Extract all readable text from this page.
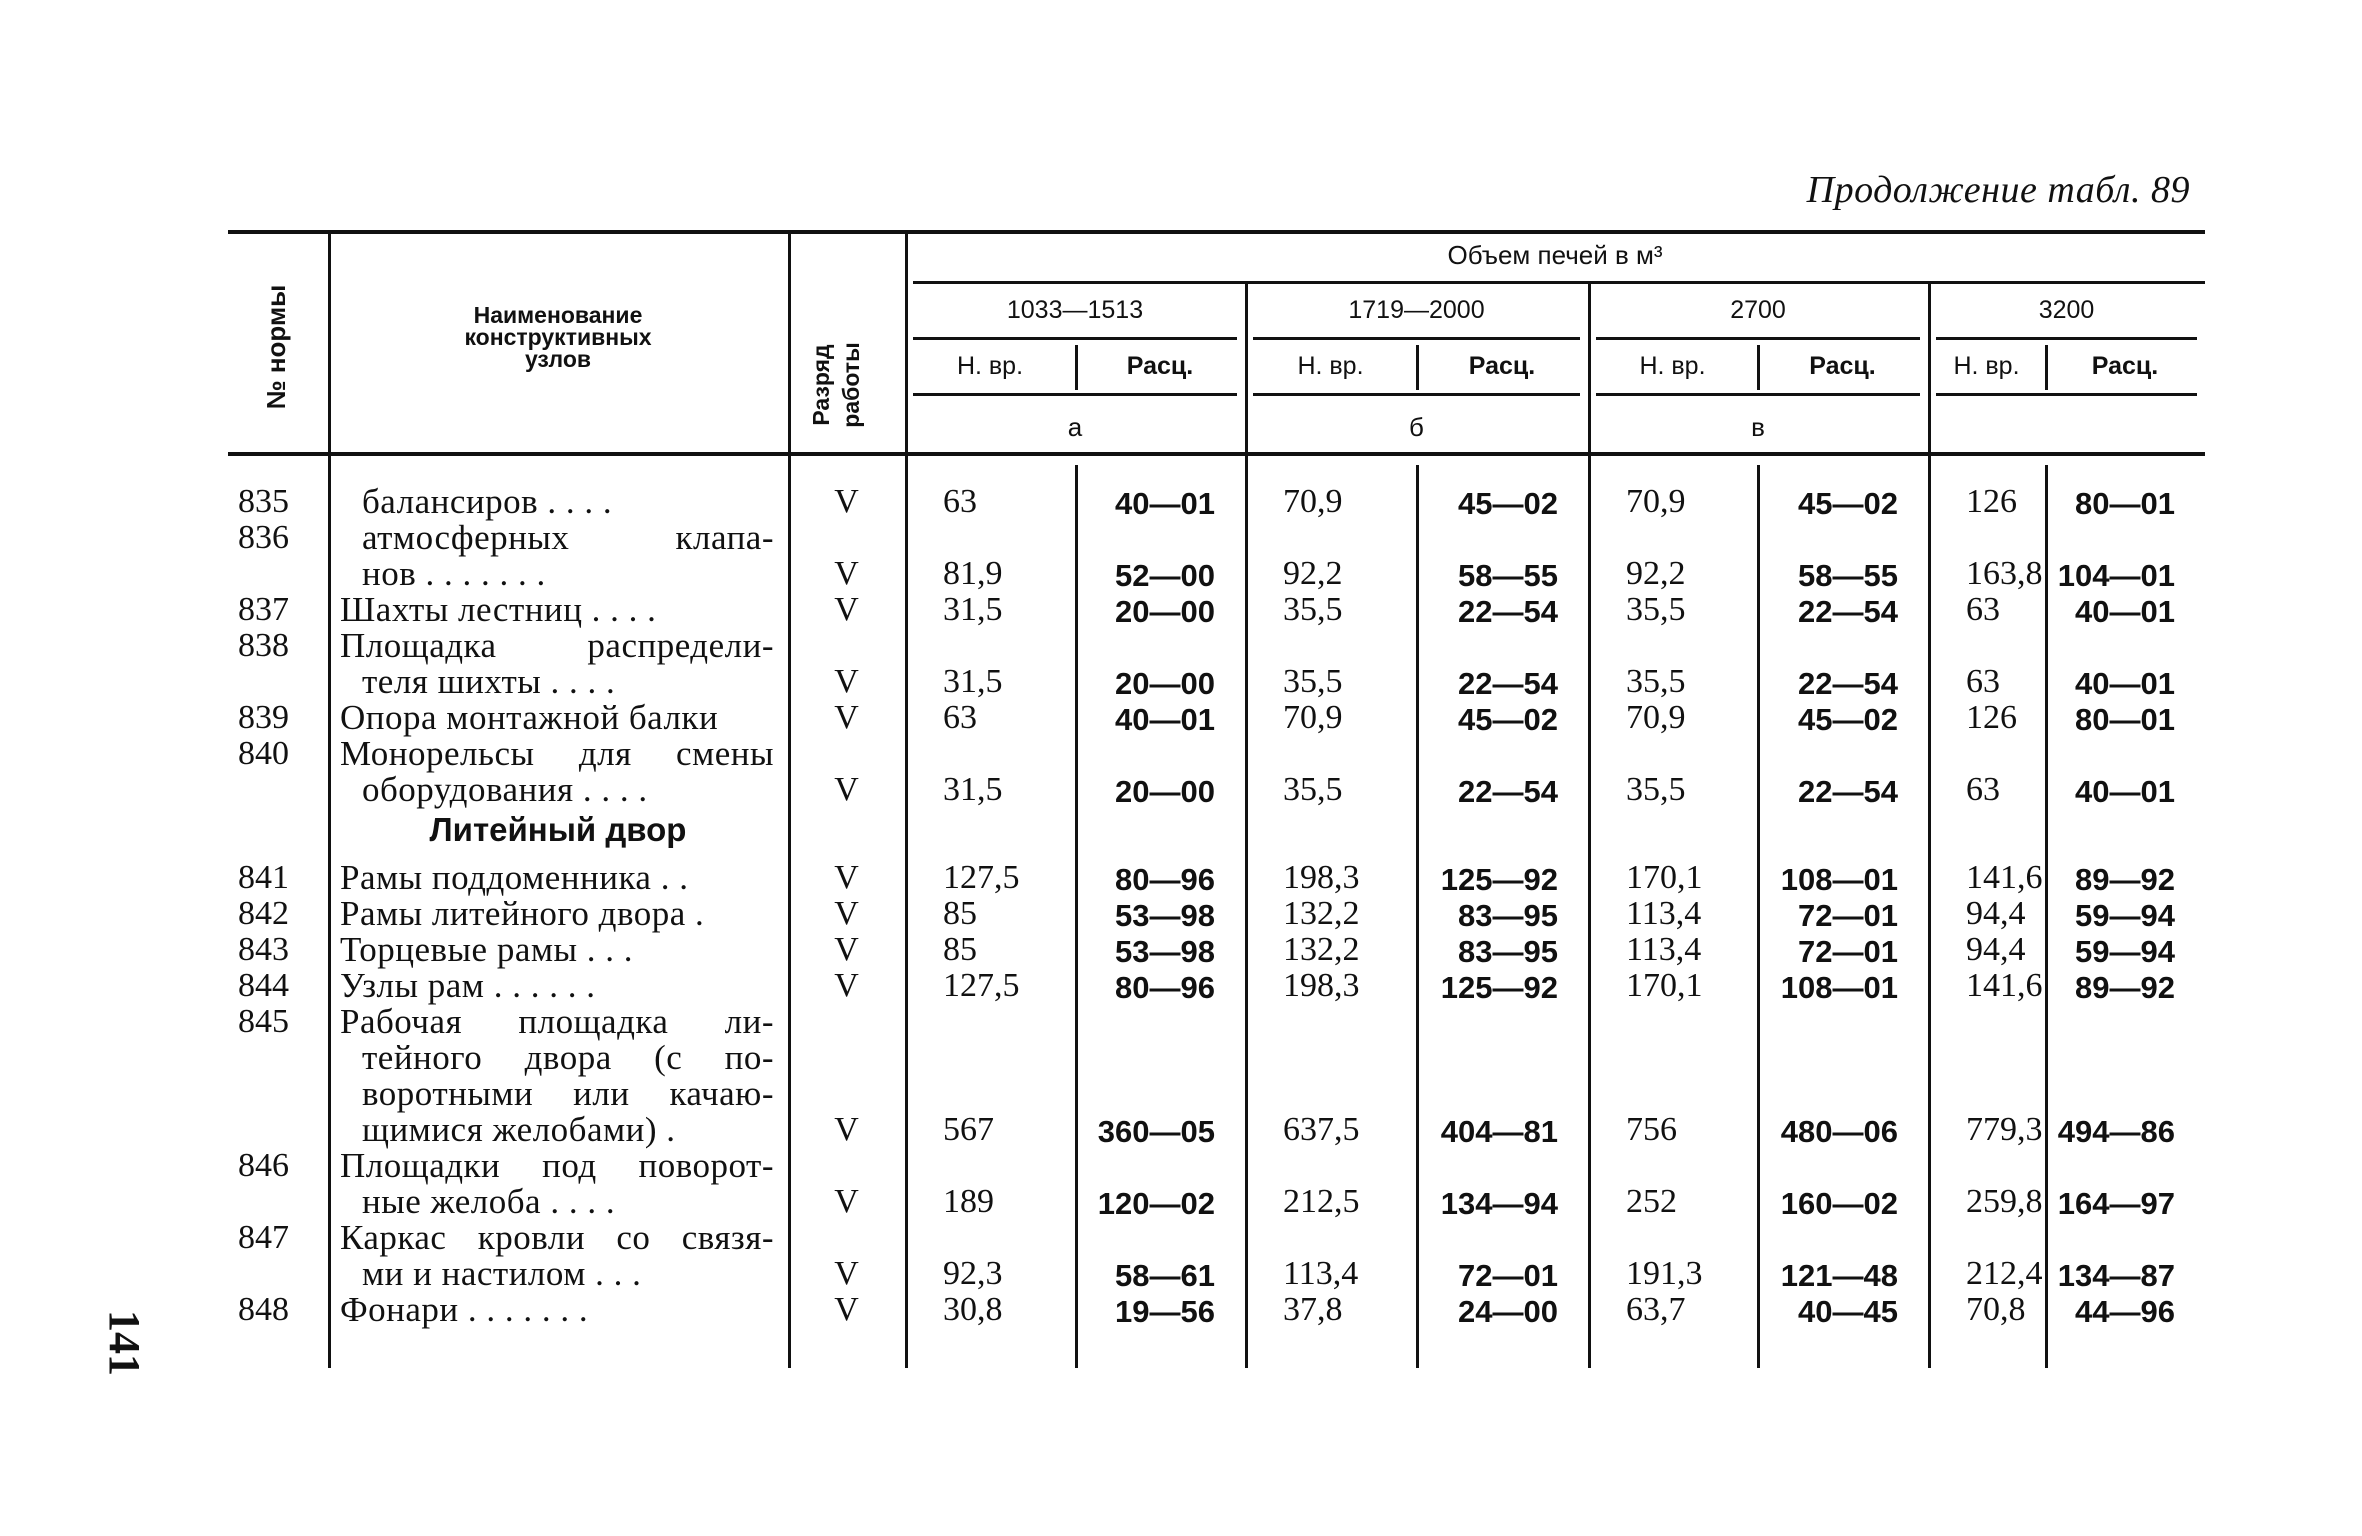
Продолжение табл. 89
141
№ нормы	Наименование
конструктивных
узлов	Разряд работы
Объем печей в м³
1033—1513
Н. вр.	Расц.
а
1719—2000
Н. вр.	Расц.
б
2700
Н. вр.	Расц.
в
3200
Н. вр.	Расц.
835 балансиров . . . .	V	63	40—01 70,9	45—02 70,9	45—02 126	80—01
836 атмосферных клапа-
нов . . . . . . .	V	81,9	52—00 92,2	58—55 92,2	58—55 163,8 104—01
837 Шахты лестниц . . . .	V	31,5	20—00 35,5	22—54 35,5	22—54 63	40—01
838 Площадка распредели-
теля шихты . . . .	V	31,5	20—00 35,5	22—54 35,5	22—54 63	40—01
839 Опора монтажной балки	V	63	40—01 70,9	45—02 70,9	45—02 126	80—01
840 Монорельсы для смены
оборудования . . . .	V	31,5	20—00 35,5	22—54 35,5	22—54 63	40—01
Литейный двор
841 Рамы поддоменника . .	V	127,5	80—96 198,3	125—92 170,1	108—01 141,6	89—92
842 Рамы литейного двора .	V	85	53—98 132,2	83—95 113,4	72—01 94,4	59—94
843 Торцевые рамы . . .	V	85	53—98 132,2	83—95 113,4	72—01 94,4	59—94
844 Узлы рам . . . . . .	V	127,5	80—96 198,3	125—92 170,1	108—01 141,6	89—92
845 Рабочая площадка ли-
тейного двора (с по-
воротными или качаю-
щимися желобами) .	V	567	360—05 637,5	404—81 756	480—06 779,3 494—86
846 Площадки под поворот-
ные желоба . . . .	V	189	120—02 212,5	134—94 252	160—02 259,8 164—97
847 Каркас кровли со связя-
ми и настилом . . .	V	92,3	58—61 113,4	72—01 191,3	121—48 212,4 134—87
848 Фонари . . . . . . .	V	30,8	19—56 37,8	24—00 63,7	40—45 70,8	44—96
